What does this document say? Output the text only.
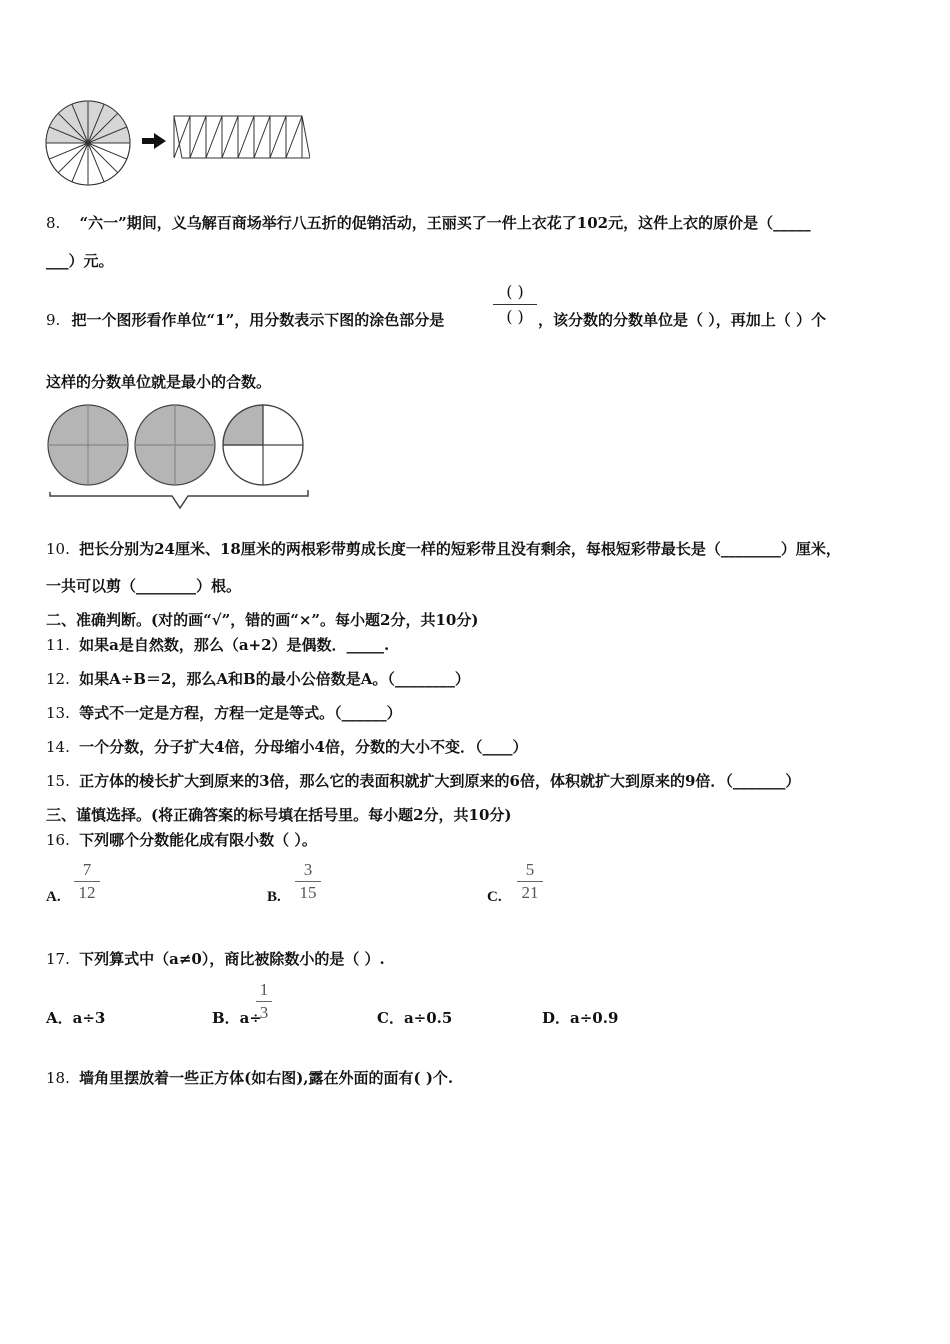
8. “六一”期间，义乌解百商场举行八五折的促销活动，王丽买了一件上衣花了102元，这件上衣的原价是（_____
___）元。
9. 把一个图形看作单位“1”，用分数表示下图的涂色部分是
( )
( ) ，该分数的分数单位是（ ），再加上（ ）个
这样的分数单位就是最小的合数。
10. 把长分别为24厘米、18厘米的两根彩带剪成长度一样的短彩带且没有剩余，每根短彩带最长是（________）厘米，
一共可以剪（________）根。
二、准确判断。(对的画“√”，错的画“×”。每小题2分，共10分)
11. 如果a是自然数，那么（a+2）是偶数．_____.
12. 如果A÷B＝2，那么A和B的最小公倍数是A。（________）
13. 等式不一定是方程，方程一定是等式。（______）
14. 一个分数，分子扩大4倍，分母缩小4倍，分数的大小不变．（____）
15. 正方体的棱长扩大到原来的3倍，那么它的表面积就扩大到原来的6倍，体积就扩大到原来的9倍．（_______）
三、谨慎选择。(将正确答案的标号填在括号里。每小题2分，共10分)
16. 下列哪个分数能化成有限小数（ ）。
A.
7
12	B.
3
15	C.
5
21
17. 下列算式中（a≠0），商比被除数小的是（ ）.
A．a÷3	B．a÷
1
3	C．a÷0.5	D．a÷0.9
18. 墙角里摆放着一些正方体(如右图),露在外面的面有( )个.
